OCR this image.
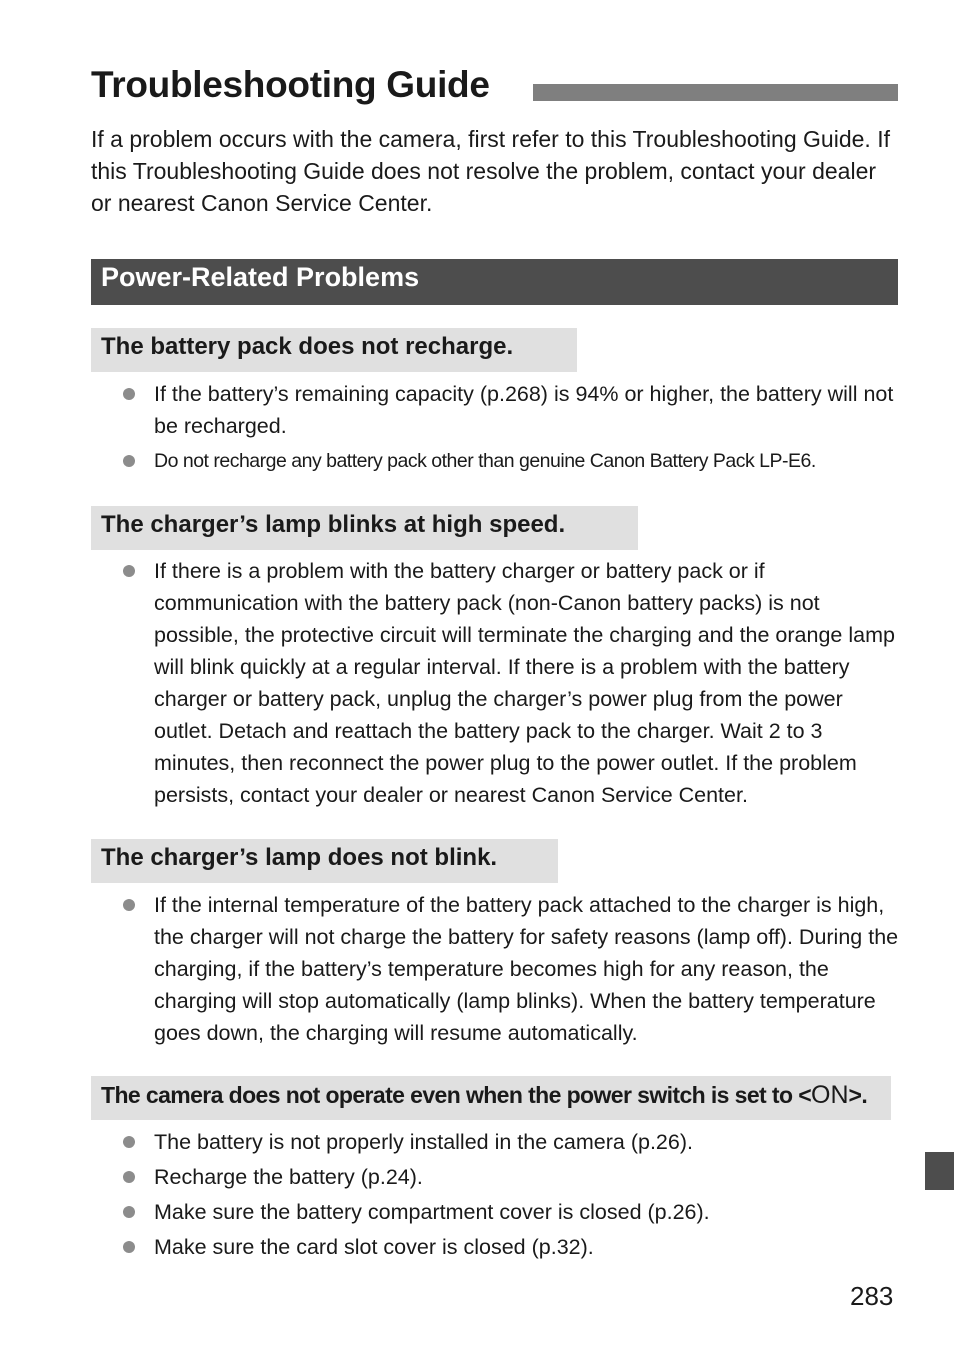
Troubleshooting Guide

If a problem occurs with the camera, first refer to this Troubleshooting Guide. If this Troubleshooting Guide does not resolve the problem, contact your dealer or nearest Canon Service Center.

Power-Related Problems
The battery pack does not recharge.
If the battery’s remaining capacity (p.268) is 94% or higher, the battery will not be recharged.
Do not recharge any battery pack other than genuine Canon Battery Pack LP-E6.
The charger’s lamp blinks at high speed.
If there is a problem with the battery charger or battery pack or if communication with the battery pack (non-Canon battery packs) is not possible, the protective circuit will terminate the charging and the orange lamp will blink quickly at a regular interval. If there is a problem with the battery charger or battery pack, unplug the charger’s power plug from the power outlet. Detach and reattach the battery pack to the charger. Wait 2 to 3 minutes, then reconnect the power plug to the power outlet. If the problem persists, contact your dealer or nearest Canon Service Center.
The charger’s lamp does not blink.
If the internal temperature of the battery pack attached to the charger is high, the charger will not charge the battery for safety reasons (lamp off). During the charging, if the battery’s temperature becomes high for any reason, the charging will stop automatically (lamp blinks). When the battery temperature goes down, the charging will resume automatically.
The camera does not operate even when the power switch is set to <ON>.
The battery is not properly installed in the camera (p.26).
Recharge the battery (p.24).
Make sure the battery compartment cover is closed (p.26).
Make sure the card slot cover is closed (p.32).
283
